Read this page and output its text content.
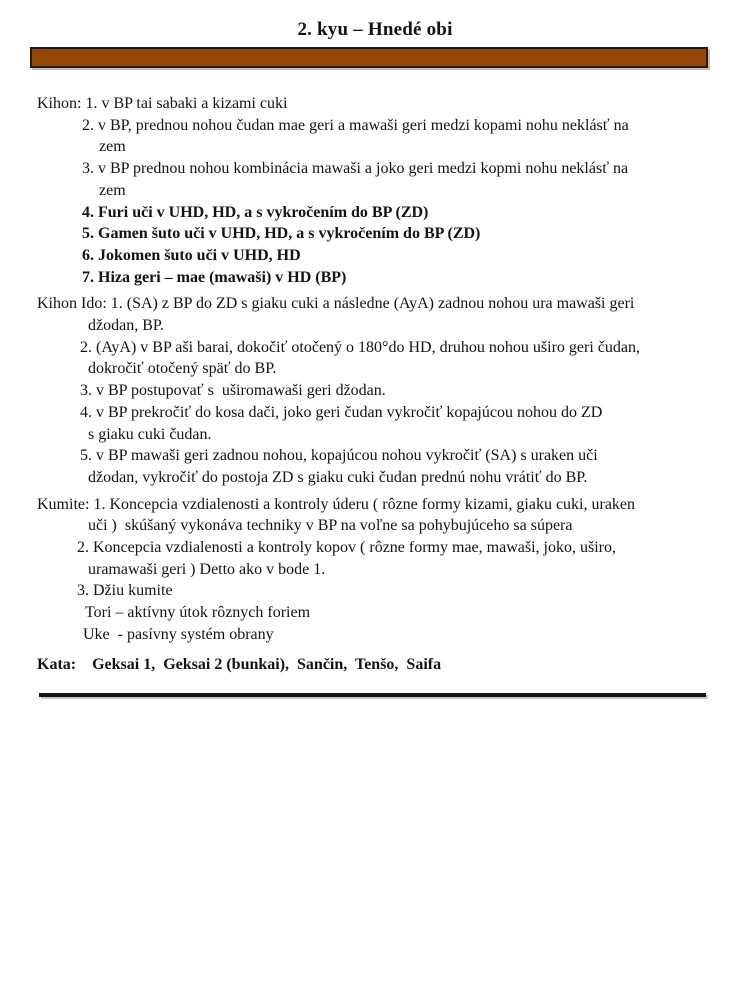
2. kyu – Hnedé obi
Kihon: 1. v BP tai sabaki a kizami cuki
2. v BP, prednou nohou čudan mae geri a mawaši geri medzi kopami nohu neklásť na
zem
3. v BP prednou nohou kombinácia mawaši a joko geri medzi kopmi nohu neklásť na
zem
4. Furi uči v UHD, HD, a s vykročením do BP (ZD)
5. Gamen šuto uči v UHD, HD, a s vykročením do BP (ZD)
6. Jokomen šuto uči v UHD, HD
7. Hiza geri – mae (mawaši) v HD (BP)
Kihon Ido: 1. (SA) z BP do ZD s giaku cuki a následne (AyA) zadnou nohou ura mawaši geri
džodan, BP.
2. (AyA) v BP aši barai, dokočiť otočený o 180°do HD, druhou nohou uširo geri čudan,
dokročiť otočený späť do BP.
3. v BP postupovať s  uširomawaši geri džodan.
4. v BP prekročiť do kosa dači, joko geri čudan vykročiť kopajúcou nohou do ZD
s giaku cuki čudan.
5. v BP mawaši geri zadnou nohou, kopajúcou nohou vykročiť (SA) s uraken uči
džodan, vykročiť do postoja ZD s giaku cuki čudan prednú nohu vrátiť do BP.
Kumite: 1. Koncepcia vzdialenosti a kontroly úderu ( rôzne formy kizami, giaku cuki, uraken
uči )  skúšaný vykonáva techniky v BP na voľne sa pohybujúceho sa súpera
2. Koncepcia vzdialenosti a kontroly kopov ( rôzne formy mae, mawaši, joko, uširo,
uramawaši geri ) Detto ako v bode 1.
3. Džiu kumite
Tori – aktívny útok rôznych foriem
Uke  - pasívny systém obrany
Kata:    Geksai 1,  Geksai 2 (bunkai),  Sančin,  Tenšo,  Saifa
